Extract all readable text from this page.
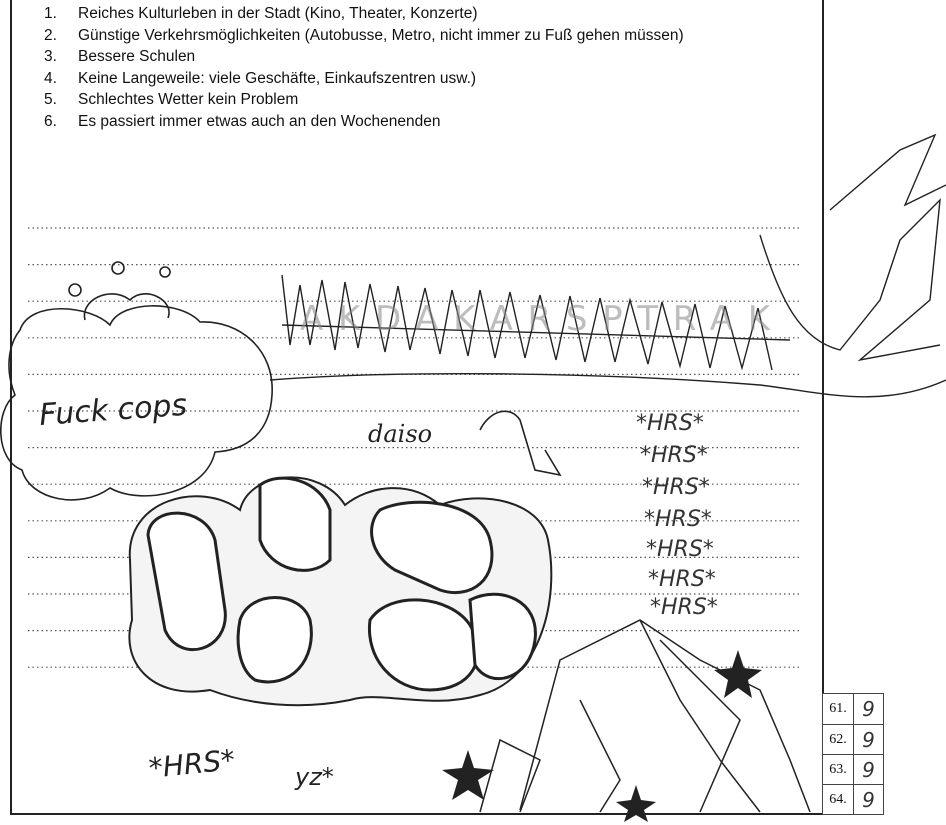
1.	Reiches Kulturleben in der Stadt (Kino, Theater, Konzerte)
2.	Günstige Verkehrsmöglichkeiten (Autobusse, Metro, nicht immer zu Fuß gehen müssen)
3.	Bessere Schulen
4.	Keine Langeweile: viele Geschäfte, Einkaufszentren usw.)
5.	Schlechtes Wetter kein Problem
6.	Es passiert immer etwas auch an den Wochenenden
Fuck cops
AKDAKARSPTRAK
daiso	*HRS*
*HRS*
*HRS*
*HRS*
*HRS*
*HRS*
*HRS*
*HRS* yz*
61. 9
62. 9
63. 9
64. 9
